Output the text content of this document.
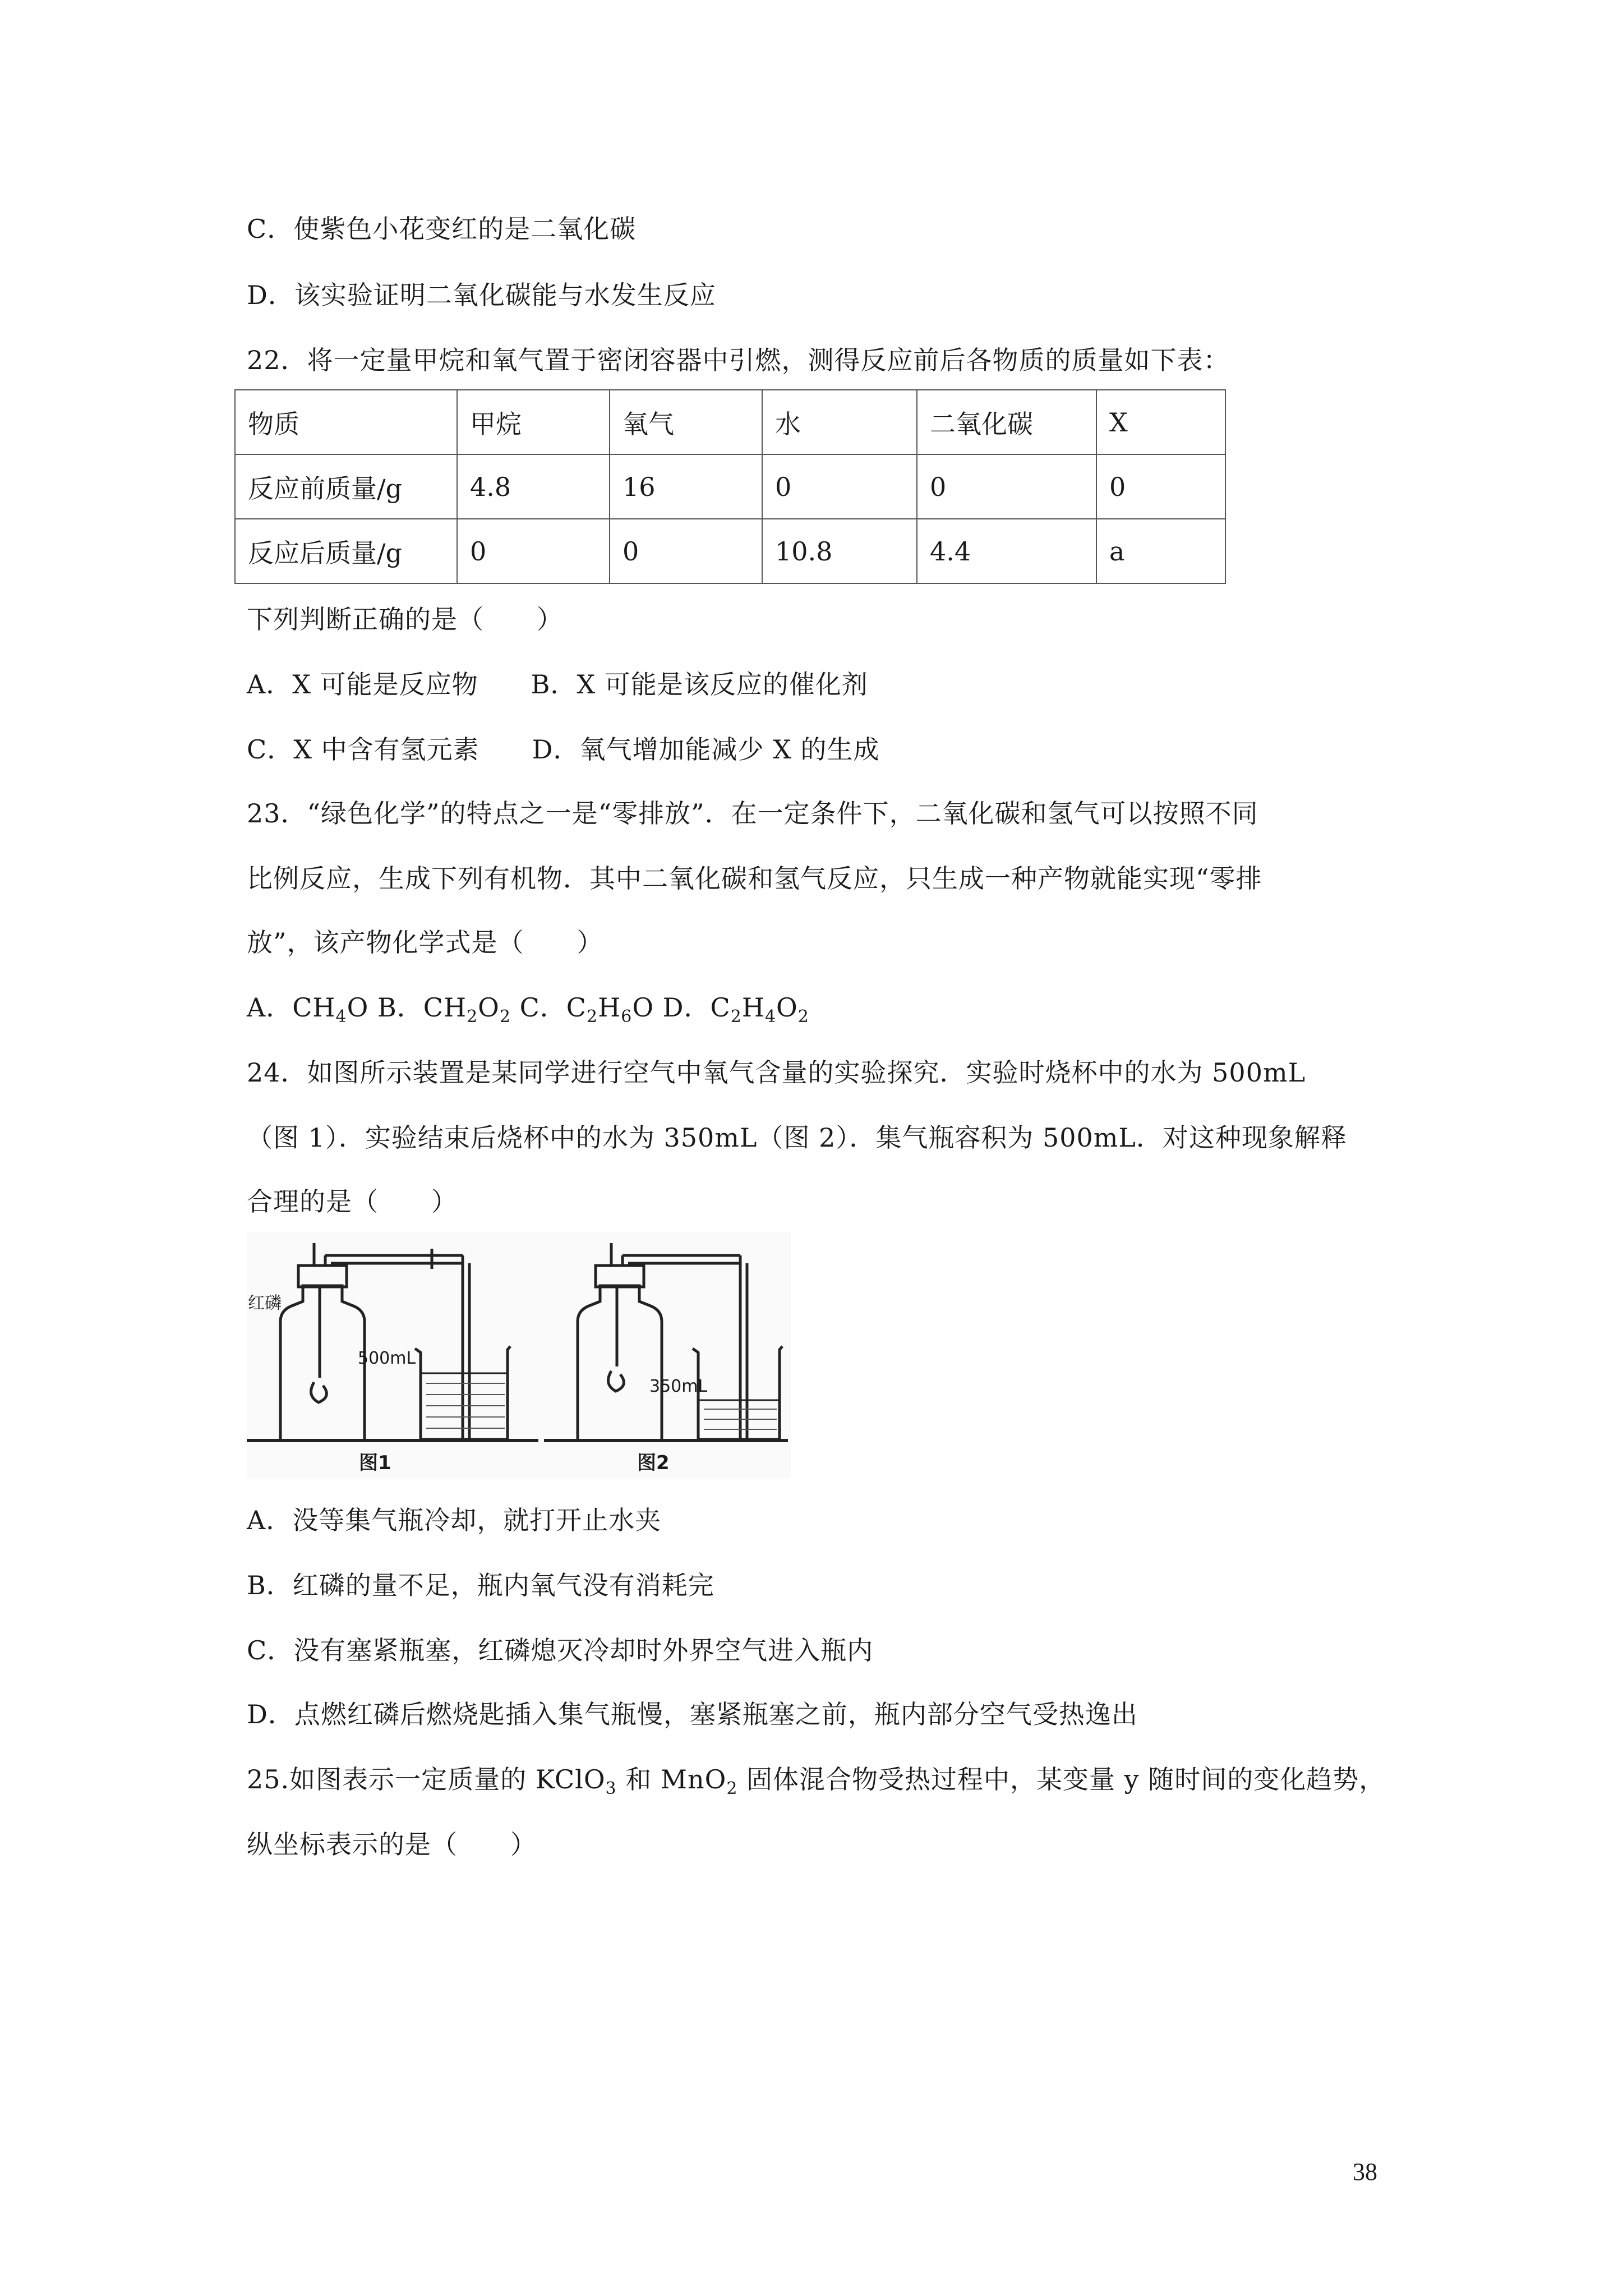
C．使紫色小花变红的是二氧化碳
D．该实验证明二氧化碳能与水发生反应
22．将一定量甲烷和氧气置于密闭容器中引燃，测得反应前后各物质的质量如下表：
物质	甲烷	氧气	水	二氧化碳	X
反应前质量/g	4.8	16	0	0	0
反应后质量/g	0	0	10.8	4.4	a
下列判断正确的是（　　）
A．X 可能是反应物　　B．X 可能是该反应的催化剂
C．X 中含有氢元素　　D．氧气增加能减少 X 的生成
23．“绿色化学”的特点之一是“零排放”．在一定条件下，二氧化碳和氢气可以按照不同
比例反应，生成下列有机物．其中二氧化碳和氢气反应，只生成一种产物就能实现“零排
放”，该产物化学式是（　　）
A．$CH_4O$ B．$CH_2O_2$ C．$C_2H_6O$ D．$C_2H_4O_2$
24．如图所示装置是某同学进行空气中氧气含量的实验探究．实验时烧杯中的水为 500mL
（图 1）．实验结束后烧杯中的水为 350mL（图 2）．集气瓶容积为 500mL．对这种现象解释
合理的是（　　）
红磷
500mL
350mL
图1	图2
A．没等集气瓶冷却，就打开止水夹
B．红磷的量不足，瓶内氧气没有消耗完
C．没有塞紧瓶塞，红磷熄灭冷却时外界空气进入瓶内
D．点燃红磷后燃烧匙插入集气瓶慢，塞紧瓶塞之前，瓶内部分空气受热逸出
25.如图表示一定质量的 KClO$_3$ 和 MnO$_2$ 固体混合物受热过程中，某变量 y 随时间的变化趋势，
纵坐标表示的是（　　）
38
